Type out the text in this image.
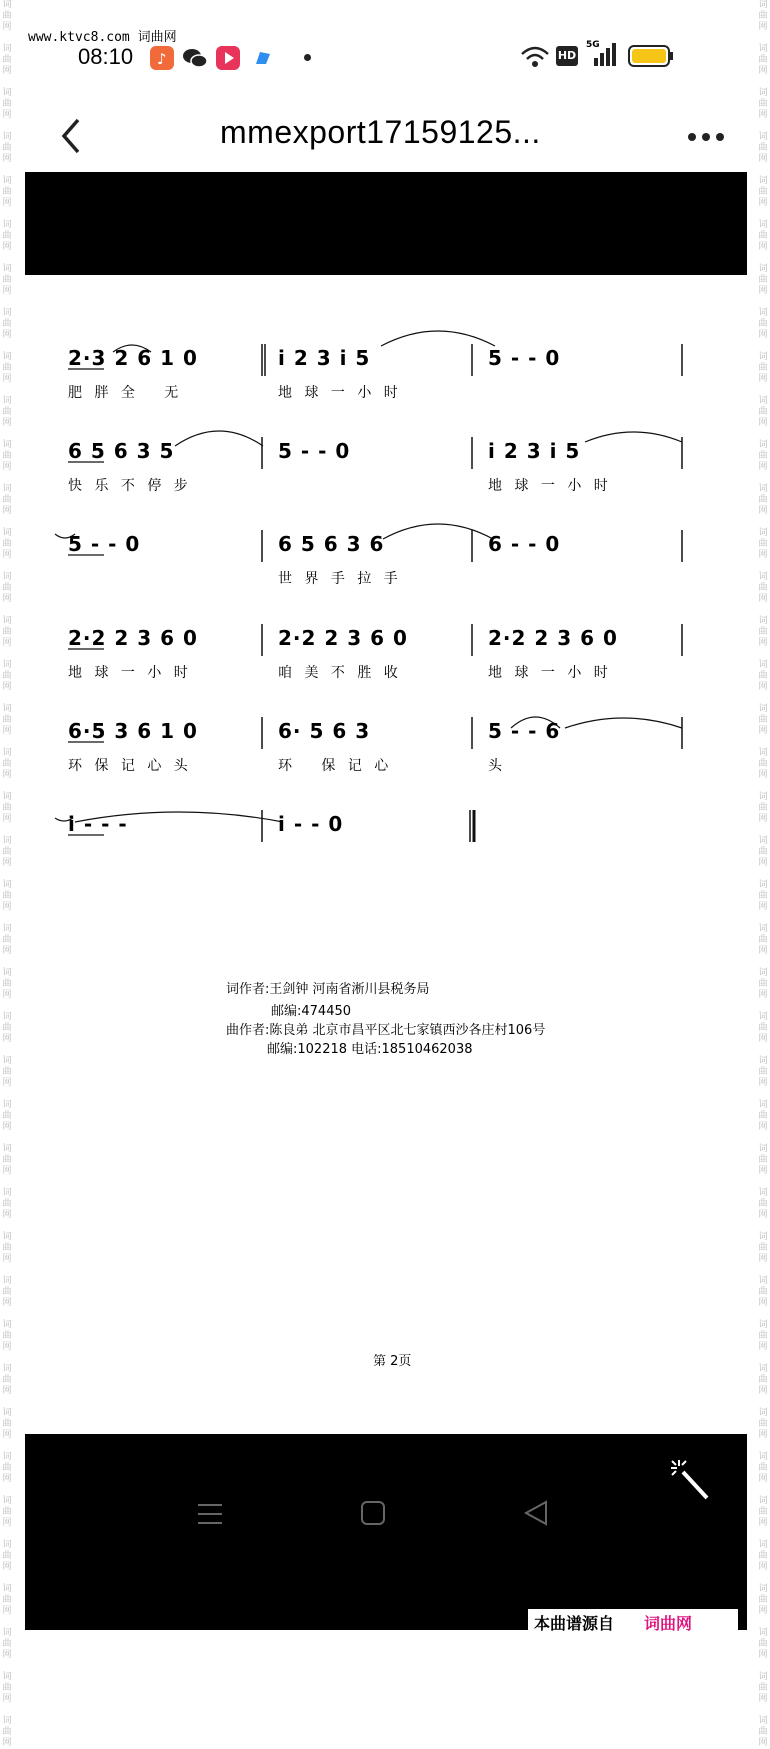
词
曲
网

词
曲
网

词
曲
网

词
曲
网

词
曲
网

词
曲
网

词
曲
网

词
曲
网

词
曲
网

词
曲
网

词
曲
网

词
曲
网

词
曲
网

词
曲
网

词
曲
网

词
曲
网

词
曲
网

词
曲
网

词
曲
网

词
曲
网

词
曲
网

词
曲
网

词
曲
网

词
曲
网

词
曲
网

词
曲
网

词
曲
网

词
曲
网

词
曲
网

词
曲
网

词
曲
网

词
曲
网

词
曲
网

词
曲
网

词
曲
网

词
曲
网

词
曲
网

词
曲
网

词
曲
网

词
曲
网

词
曲
网

词
曲
网

词
曲
网

词
曲
网

词
曲
网

词
曲
网

词
曲
网

词
曲
网

词
曲
网

词
曲
网

词
曲
网

词
曲
网

词
曲
网

词
曲
网

词
曲
网

词
曲
网

词
曲
网

词
曲
网

词
曲
网

词
曲
网

词
曲
网

词
曲
网

词
曲
网

词
曲
网

词
曲
网

词
曲
网

词
曲
网

词
曲
网

词
曲
网

词
曲
网

词
曲
网

词
曲
网

词
曲
网

词
曲
网

词
曲
网

词
曲
网

词
曲
网

词
曲
网

词
曲
网

词
曲
网

www.ktvc8.com 词曲网
08:10 ♪	HD
5G
mmexport17159125...
词作者:王剑钟 河南省淅川县税务局
邮编:474450
曲作者:陈良弟 北京市昌平区北七家镇西沙各庄村106号
邮编:102218 电话:18510462038
第 2页
2·3 2 6 1 0	i 2 3 i 5	5 - - 0
肥 胖 全   无	地 球 一 小 时
6 5 6 3 5	5 - - 0	i 2 3 i 5
快 乐 不 停 步	地 球 一 小 时
5 - - 0	6 5 6 3 6	6 - - 0
世 界 手 拉 手
2·2 2 3 6 0	2·2 2 3 6 0	2·2 2 3 6 0
地 球 一 小 时	咱 美 不 胜 收	地 球 一 小 时
6·5 3 6 1 0	6· 5 6 3	5 - - 6
环 保 记 心 头	环   保 记 心	头
i - - -	i - - 0
本曲谱源自 词曲网
